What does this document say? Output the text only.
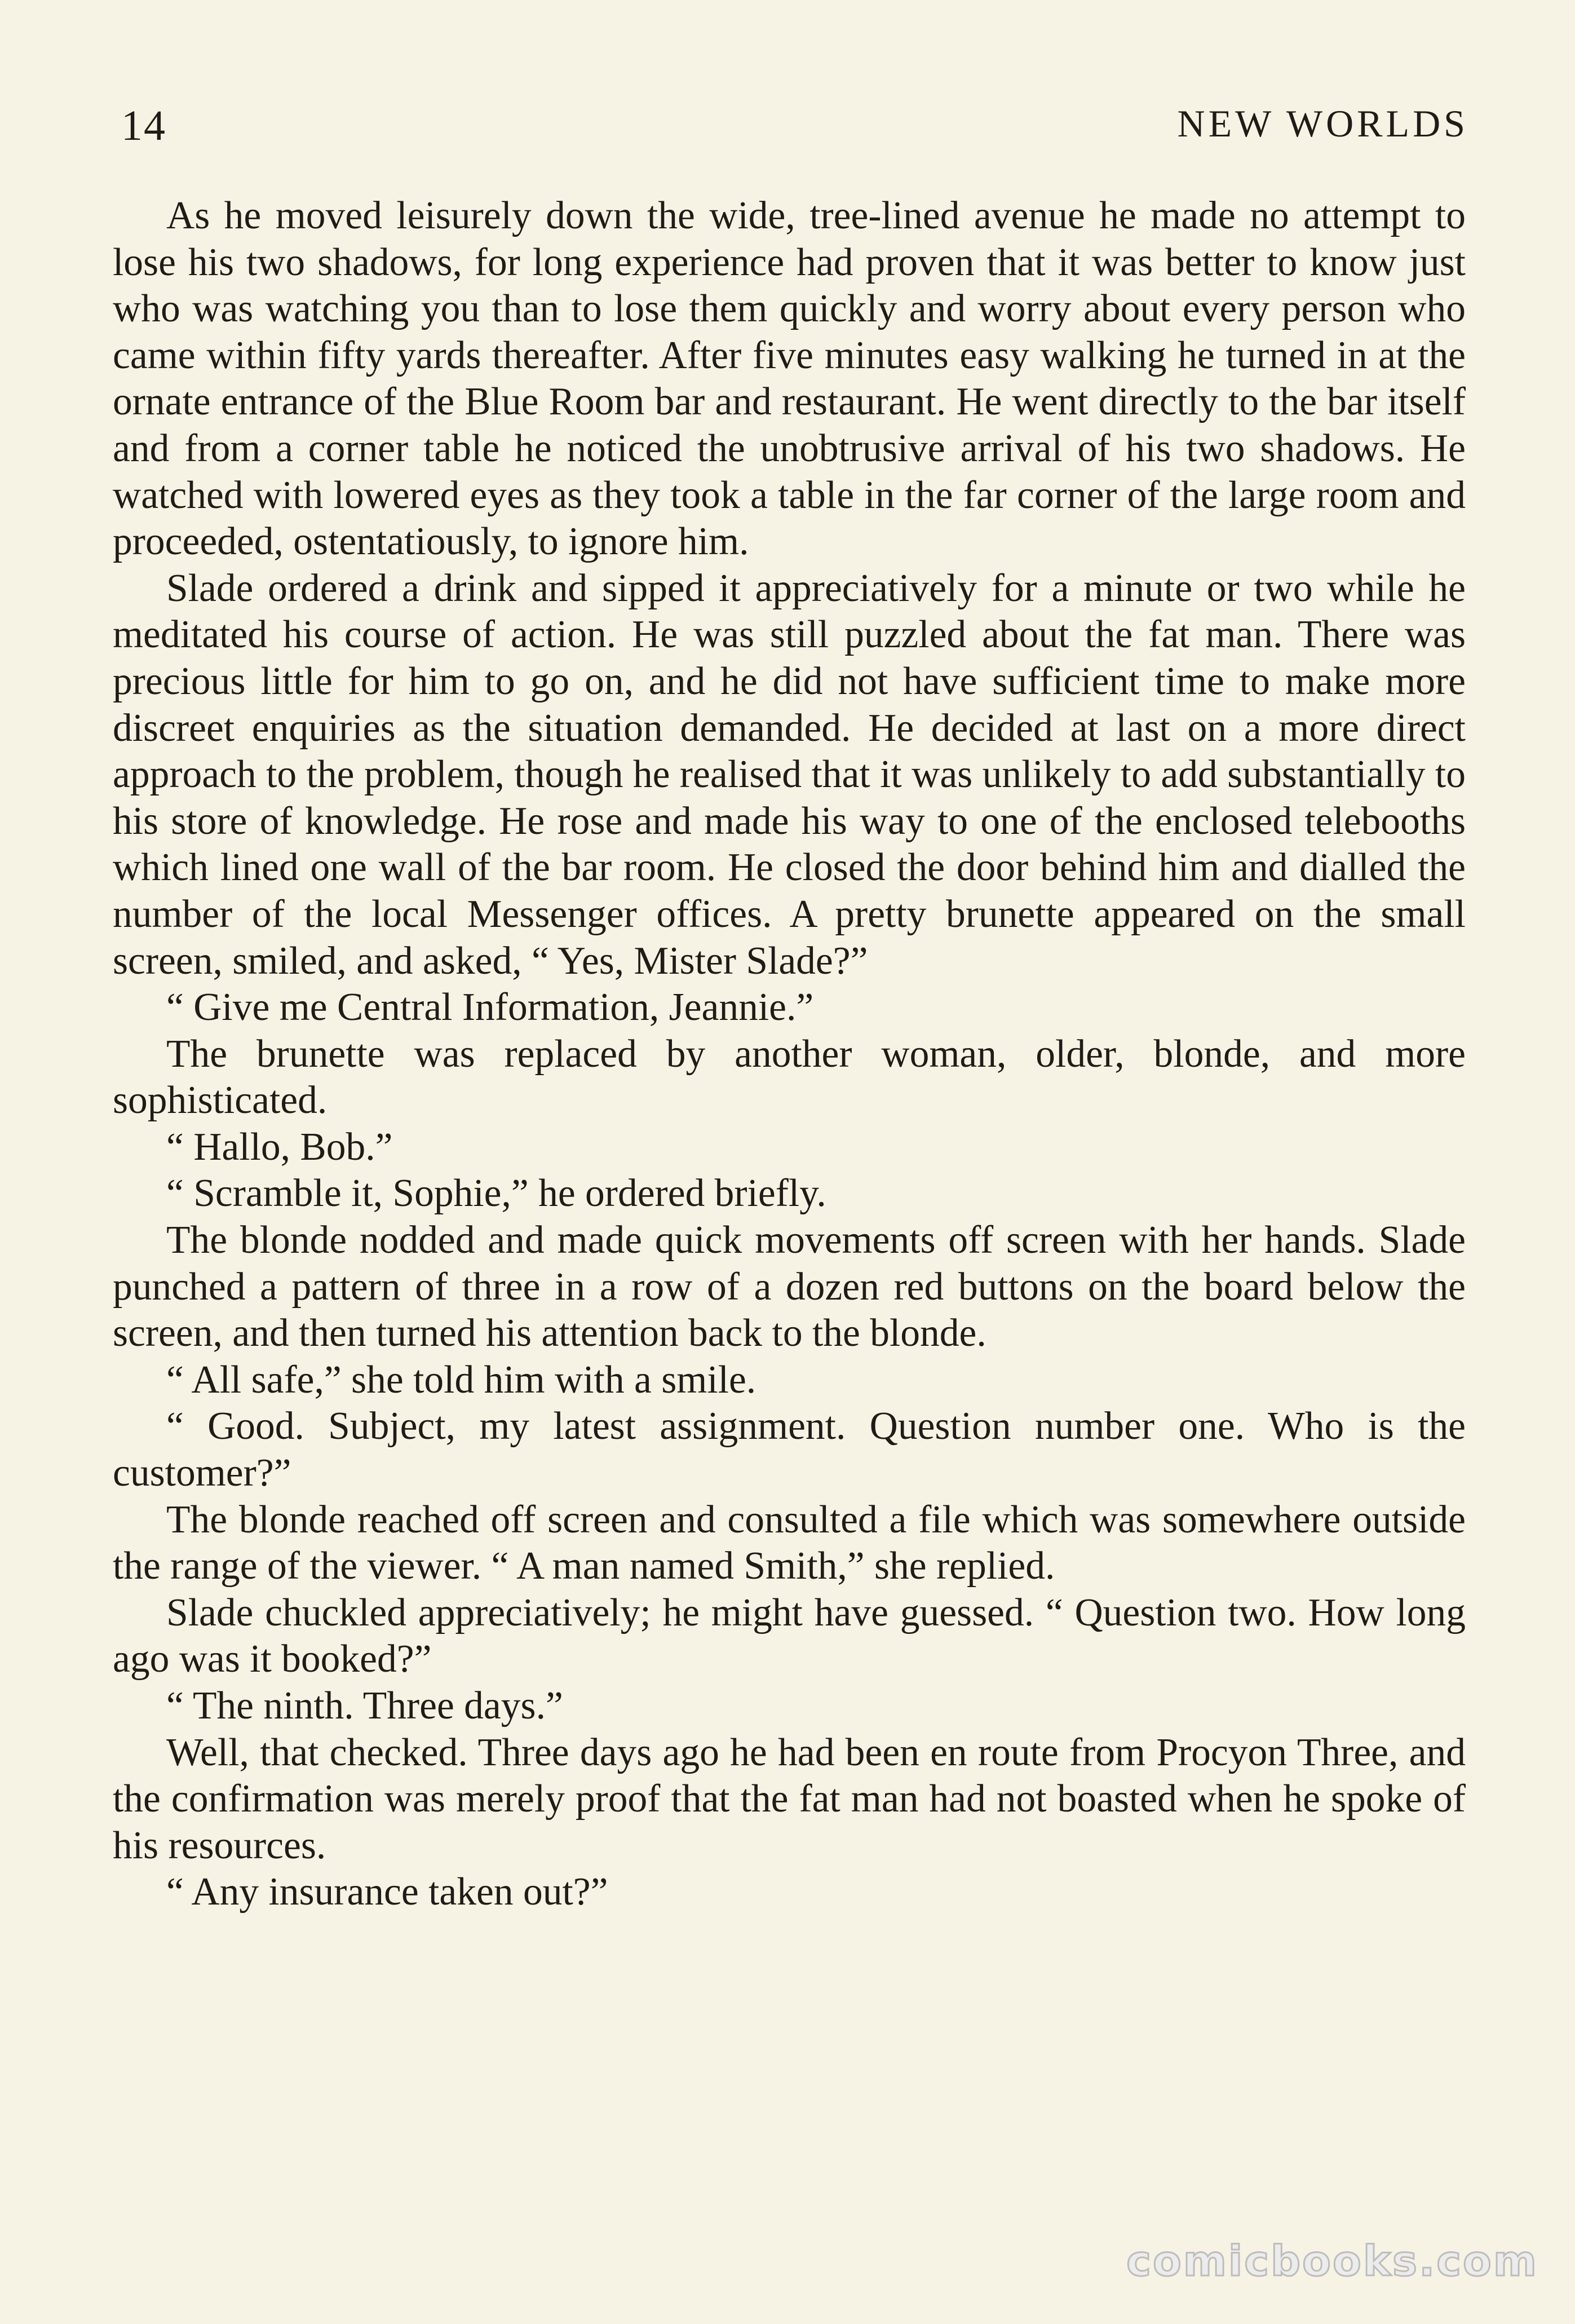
14	NEW WORLDS

As he moved leisurely down the wide, tree-lined avenue he made no attempt to lose his two shadows, for long experience had proven that it was better to know just who was watching you than to lose them quickly and worry about every person who came within fifty yards thereafter. After five minutes easy walking he turned in at the ornate entrance of the Blue Room bar and restaurant. He went directly to the bar itself and from a corner table he noticed the unobtrusive arrival of his two shadows. He watched with lowered eyes as they took a table in the far corner of the large room and proceeded, ostentatiously, to ignore him.

Slade ordered a drink and sipped it appreciatively for a minute or two while he meditated his course of action. He was still puzzled about the fat man. There was precious little for him to go on, and he did not have sufficient time to make more discreet enquiries as the situation demanded. He decided at last on a more direct approach to the problem, though he realised that it was unlikely to add substantially to his store of knowledge. He rose and made his way to one of the enclosed telebooths which lined one wall of the bar room. He closed the door behind him and dialled the number of the local Messenger offices. A pretty brunette appeared on the small screen, smiled, and asked, “ Yes, Mister Slade?”

“ Give me Central Information, Jeannie.”

The brunette was replaced by another woman, older, blonde, and more sophisticated.

“ Hallo, Bob.”

“ Scramble it, Sophie,” he ordered briefly.

The blonde nodded and made quick movements off screen with her hands. Slade punched a pattern of three in a row of a dozen red buttons on the board below the screen, and then turned his attention back to the blonde.

“ All safe,” she told him with a smile.

“ Good. Subject, my latest assignment. Question number one. Who is the customer?”

The blonde reached off screen and consulted a file which was somewhere outside the range of the viewer. “ A man named Smith,” she replied.

Slade chuckled appreciatively; he might have guessed. “ Question two. How long ago was it booked?”

“ The ninth. Three days.”

Well, that checked. Three days ago he had been en route from Procyon Three, and the confirmation was merely proof that the fat man had not boasted when he spoke of his resources.

“ Any insurance taken out?”

comicbooks.com
